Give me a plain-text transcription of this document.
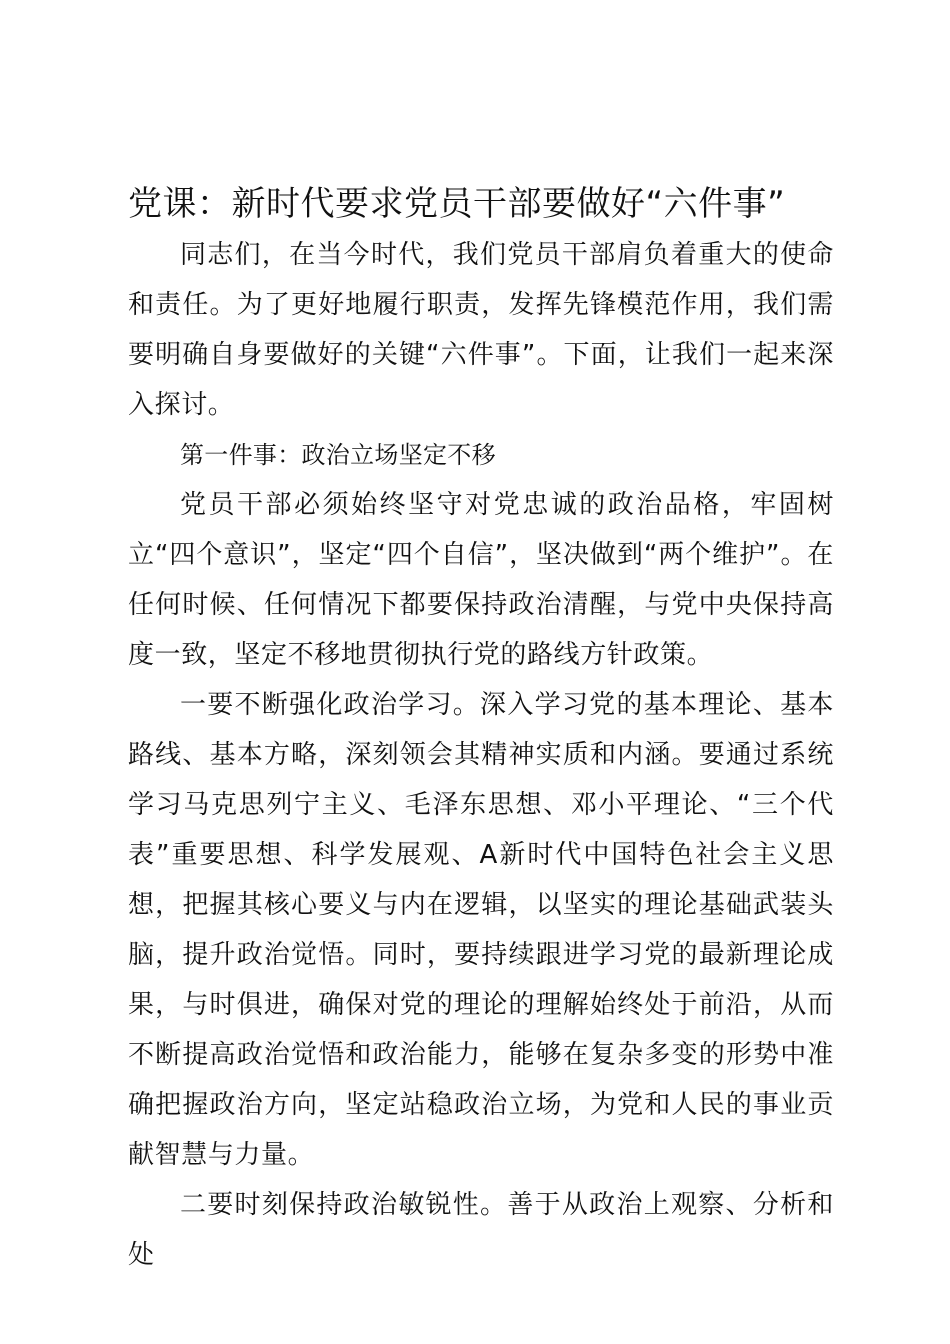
党课：新时代要求党员干部要做好“六件事”

同志们，在当今时代，我们党员干部肩负着重大的使命和责任。为了更好地履行职责，发挥先锋模范作用，我们需要明确自身要做好的关键“六件事”。下面，让我们一起来深入探讨。

第一件事：政治立场坚定不移

党员干部必须始终坚守对党忠诚的政治品格，牢固树立“四个意识”，坚定“四个自信”，坚决做到“两个维护”。在任何时候、任何情况下都要保持政治清醒，与党中央保持高度一致，坚定不移地贯彻执行党的路线方针政策。

一要不断强化政治学习。深入学习党的基本理论、基本路线、基本方略，深刻领会其精神实质和内涵。要通过系统学习马克思列宁主义、毛泽东思想、邓小平理论、“三个代表”重要思想、科学发展观、A新时代中国特色社会主义思想，把握其核心要义与内在逻辑，以坚实的理论基础武装头脑，提升政治觉悟。同时，要持续跟进学习党的最新理论成果，与时俱进，确保对党的理论的理解始终处于前沿，从而不断提高政治觉悟和政治能力，能够在复杂多变的形势中准确把握政治方向，坚定站稳政治立场，为党和人民的事业贡献智慧与力量。

二要时刻保持政治敏锐性。善于从政治上观察、分析和处
